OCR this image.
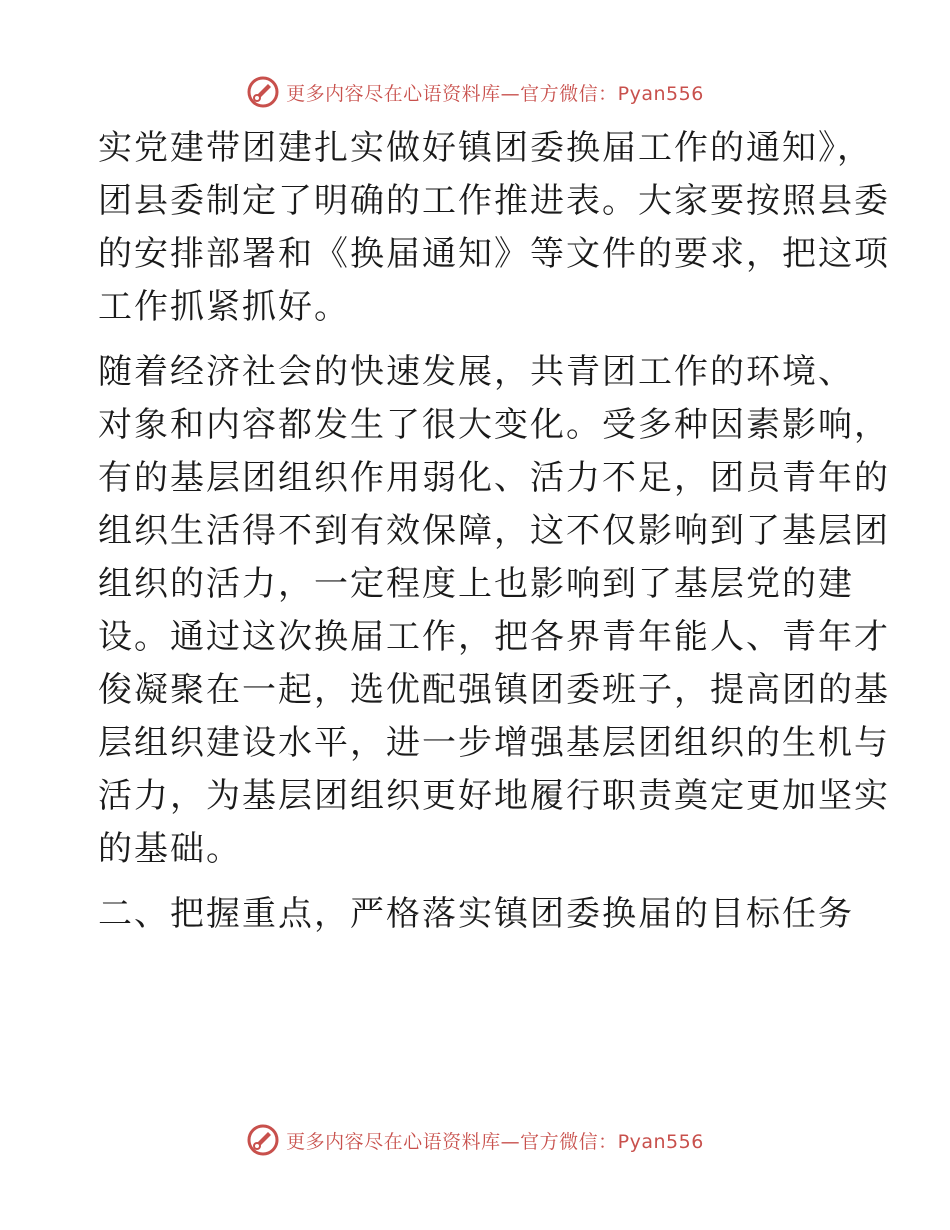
更多内容尽在心语资料库—官方微信：Pyan556

实党建带团建扎实做好镇团委换届工作的通知》，
团县委制定了明确的工作推进表。大家要按照县委
的安排部署和《换届通知》等文件的要求，把这项
工作抓紧抓好。

随着经济社会的快速发展，共青团工作的环境、
对象和内容都发生了很大变化。受多种因素影响，
有的基层团组织作用弱化、活力不足，团员青年的
组织生活得不到有效保障，这不仅影响到了基层团
组织的活力，一定程度上也影响到了基层党的建
设。通过这次换届工作，把各界青年能人、青年才
俊凝聚在一起，选优配强镇团委班子，提高团的基
层组织建设水平，进一步增强基层团组织的生机与
活力，为基层团组织更好地履行职责奠定更加坚实
的基础。

二、把握重点，严格落实镇团委换届的目标任务

更多内容尽在心语资料库—官方微信：Pyan556
